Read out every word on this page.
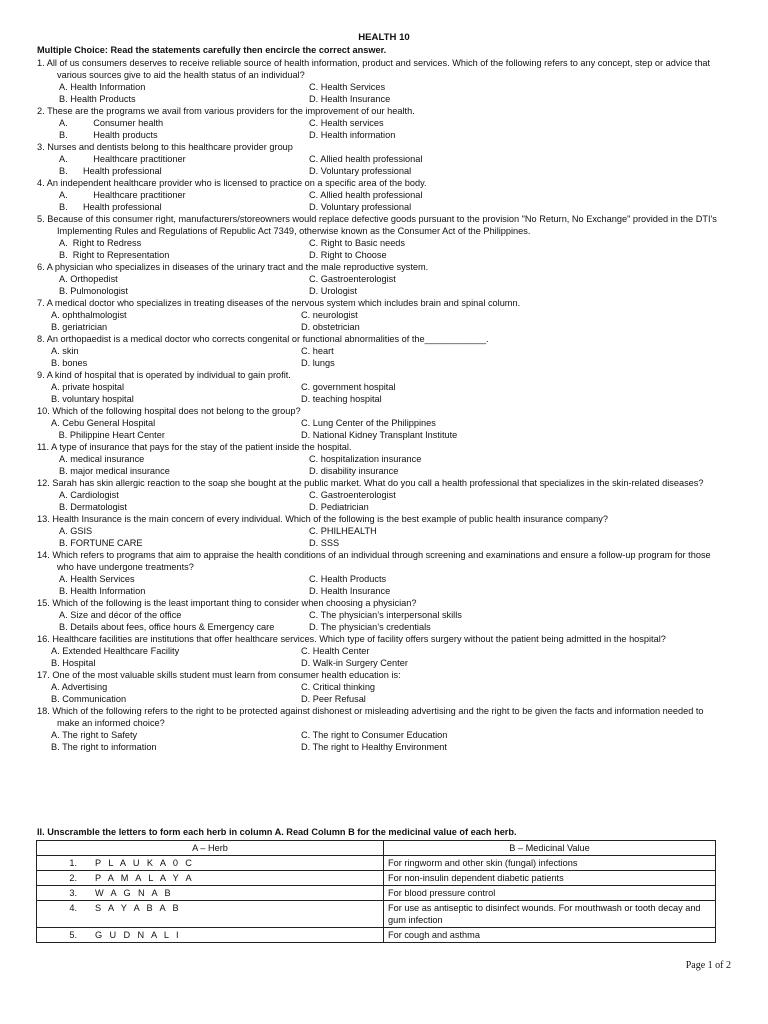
HEALTH 10
Multiple Choice: Read the statements carefully then encircle the correct answer.
1. All of us consumers deserves to receive reliable source of health information, product and services. Which of the following refers to any concept, step or advice that various sources give to aid the health status of an individual?
A. Health Information	C. Health Services
B. Health Products	D. Health Insurance
2. These are the programs we avail from various providers for the improvement of our health.
A.          Consumer health	C. Health services
B.          Health products	D. Health information
3. Nurses and dentists belong to this healthcare provider group
A.          Healthcare practitioner	C. Allied health professional
B.      Health professional	D. Voluntary professional
4. An independent healthcare provider who is licensed to practice on a specific area of the body.
A.          Healthcare practitioner	C. Allied health professional
B.      Health professional	D. Voluntary professional
5. Because of this consumer right, manufacturers/storeowners would replace defective goods pursuant to the provision "No Return, No Exchange" provided in the DTI's Implementing Rules and Regulations of Republic Act 7349, otherwise known as the Consumer Act of the Philippines.
A.  Right to Redress	C. Right to Basic needs
B.  Right to Representation	D. Right to Choose
6. A physician who specializes in diseases of the urinary tract and the male reproductive system.
A. Orthopedist	C. Gastroenterologist
B. Pulmonologist	D. Urologist
7. A medical doctor who specializes in treating diseases of the nervous system which includes brain and spinal column.
A. ophthalmologist	C. neurologist
B. geriatrician	D. obstetrician
8. An orthopaedist is a medical doctor who corrects congenital or functional abnormalities of the____________.
A. skin	C. heart
B. bones	D. lungs
9. A kind of hospital that is operated by individual to gain profit.
A. private hospital	C. government hospital
B. voluntary hospital	D. teaching hospital
10. Which of the following hospital does not belong to the group?
A. Cebu General Hospital	C. Lung Center of the Philippines
B. Philippine Heart Center	D. National Kidney Transplant Institute
11. A type of insurance that pays for the stay of the patient inside the hospital.
A. medical insurance	C. hospitalization insurance
B. major medical insurance	D. disability insurance
12. Sarah has skin allergic reaction to the soap she bought at the public market. What do you call a health professional that specializes in the skin-related diseases?
A. Cardiologist	C. Gastroenterologist
B. Dermatologist	D. Pediatrician
13. Health Insurance is the main concern of every individual. Which of the following is the best example of public health insurance company?
A. GSIS	C. PHILHEALTH
B. FORTUNE CARE	D. SSS
14. Which refers to programs that aim to appraise the health conditions of an individual through screening and examinations and ensure a follow-up program for those who have undergone treatments?
A. Health Services	C. Health Products
B. Health Information	D. Health Insurance
15. Which of the following is the least important thing to consider when choosing a physician?
A. Size and décor of the office	C. The physician’s interpersonal skills
B. Details about fees, office hours & Emergency care	D. The physician’s credentials
16. Healthcare facilities are institutions that offer healthcare services. Which type of facility offers surgery without the patient being admitted in the hospital?
A. Extended Healthcare Facility	C. Health Center
B. Hospital	D. Walk-in Surgery Center
17. One of the most valuable skills student must learn from consumer health education is:
A. Advertising	C. Critical thinking
B. Communication	D. Peer Refusal
18. Which of the following refers to the right to be protected against dishonest or misleading advertising and the right to be given the facts and information needed to make an informed choice?
A. The right to Safety	C. The right to Consumer Education
B. The right to information	D. The right to Healthy Environment
II. Unscramble the letters to form each herb in column A. Read Column B for the medicinal value of each herb.
A – Herb	B – Medicinal Value
1. P L A U K A 0 C	For ringworm and other skin (fungal) infections
2. P A M A L A Y A	For non-insulin dependent diabetic patients
3. W A G N A B	For blood pressure control
4. S A Y A B A B	For use as antiseptic to disinfect wounds. For mouthwash or tooth decay and gum infection
5. G U D N A L I	For cough and asthma
Page 1 of 2
